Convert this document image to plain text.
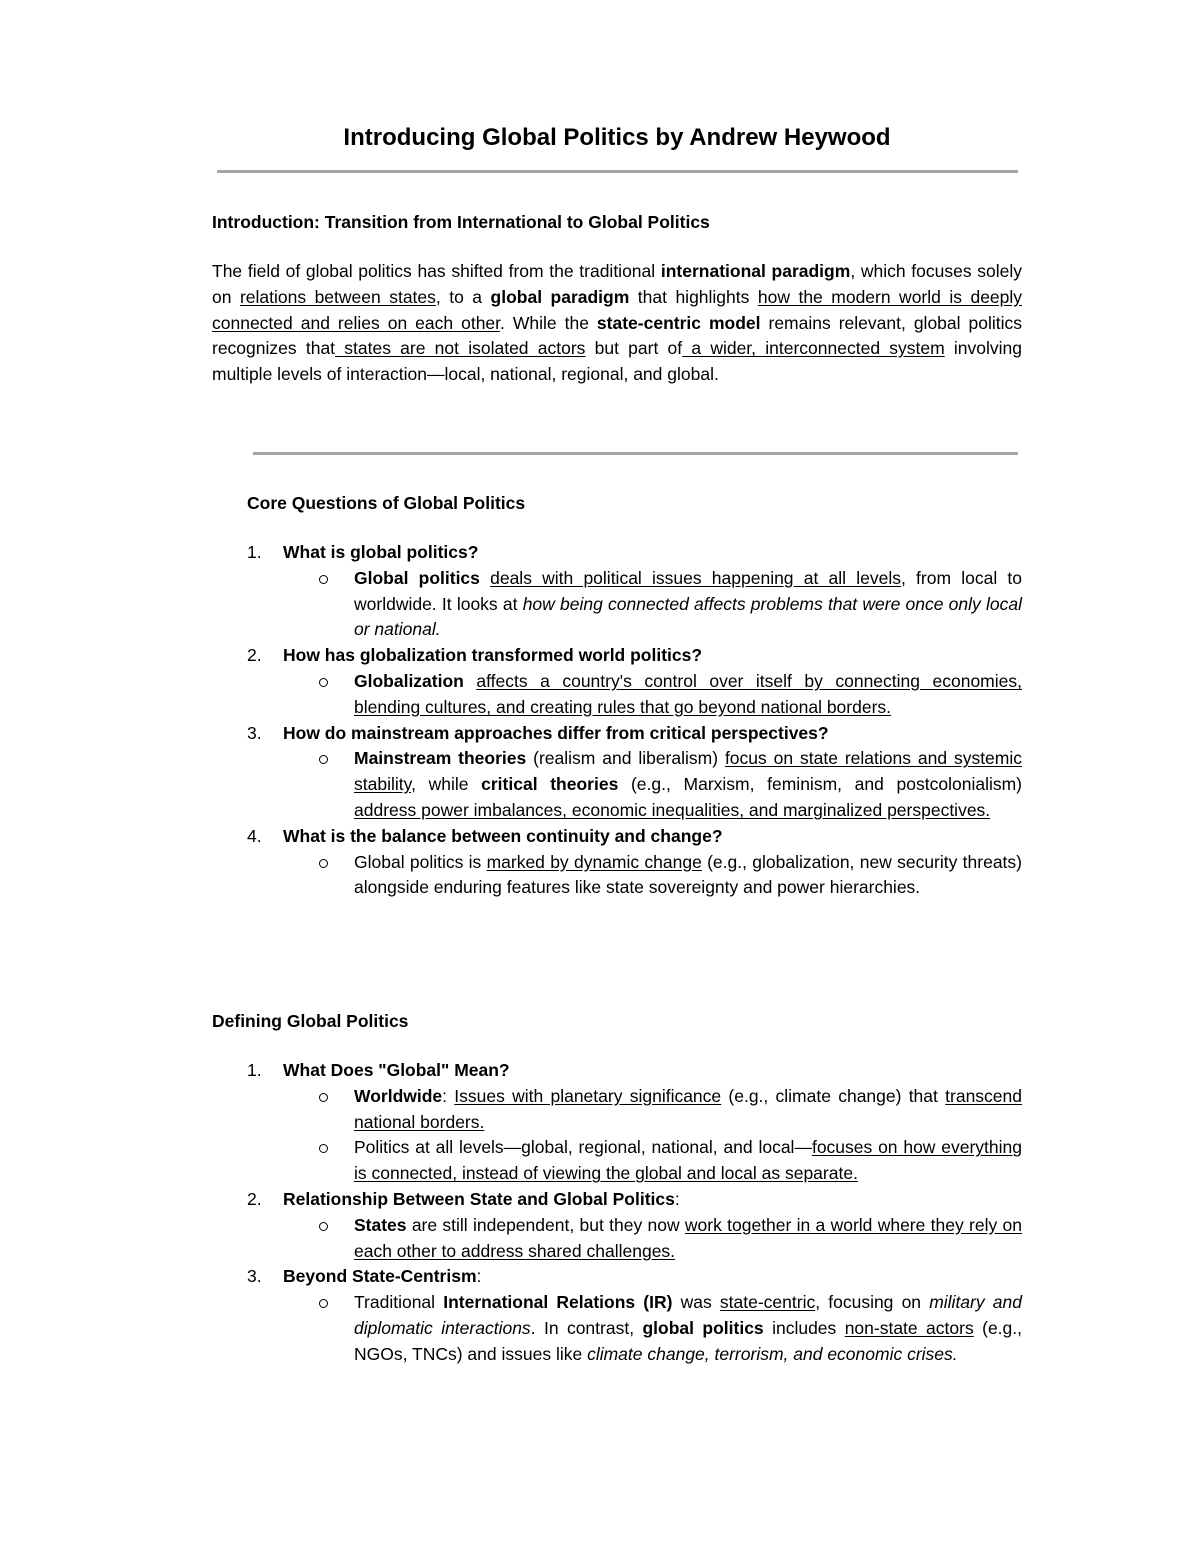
Introducing Global Politics by Andrew Heywood
Introduction: Transition from International to Global Politics

The field of global politics has shifted from the traditional international paradigm, which focuses solely on relations between states, to a global paradigm that highlights how the modern world is deeply connected and relies on each other. While the state-centric model remains relevant, global politics recognizes that states are not isolated actors but part of a wider, interconnected system involving multiple levels of interaction—local, national, regional, and global.

Core Questions of Global Politics
1. What is global politics?
Global politics deals with political issues happening at all levels, from local to worldwide. It looks at how being connected affects problems that were once only local or national.
2. How has globalization transformed world politics?
Globalization affects a country's control over itself by connecting economies, blending cultures, and creating rules that go beyond national borders.
3. How do mainstream approaches differ from critical perspectives?
Mainstream theories (realism and liberalism) focus on state relations and systemic stability, while critical theories (e.g., Marxism, feminism, and postcolonialism) address power imbalances, economic inequalities, and marginalized perspectives.
4. What is the balance between continuity and change?
Global politics is marked by dynamic change (e.g., globalization, new security threats) alongside enduring features like state sovereignty and power hierarchies.
Defining Global Politics
1. What Does "Global" Mean?
Worldwide: Issues with planetary significance (e.g., climate change) that transcend national borders.
Politics at all levels—global, regional, national, and local—focuses on how everything is connected, instead of viewing the global and local as separate.
2. Relationship Between State and Global Politics:
States are still independent, but they now work together in a world where they rely on each other to address shared challenges.
3. Beyond State-Centrism:
Traditional International Relations (IR) was state-centric, focusing on military and diplomatic interactions. In contrast, global politics includes non-state actors (e.g., NGOs, TNCs) and issues like climate change, terrorism, and economic crises.
